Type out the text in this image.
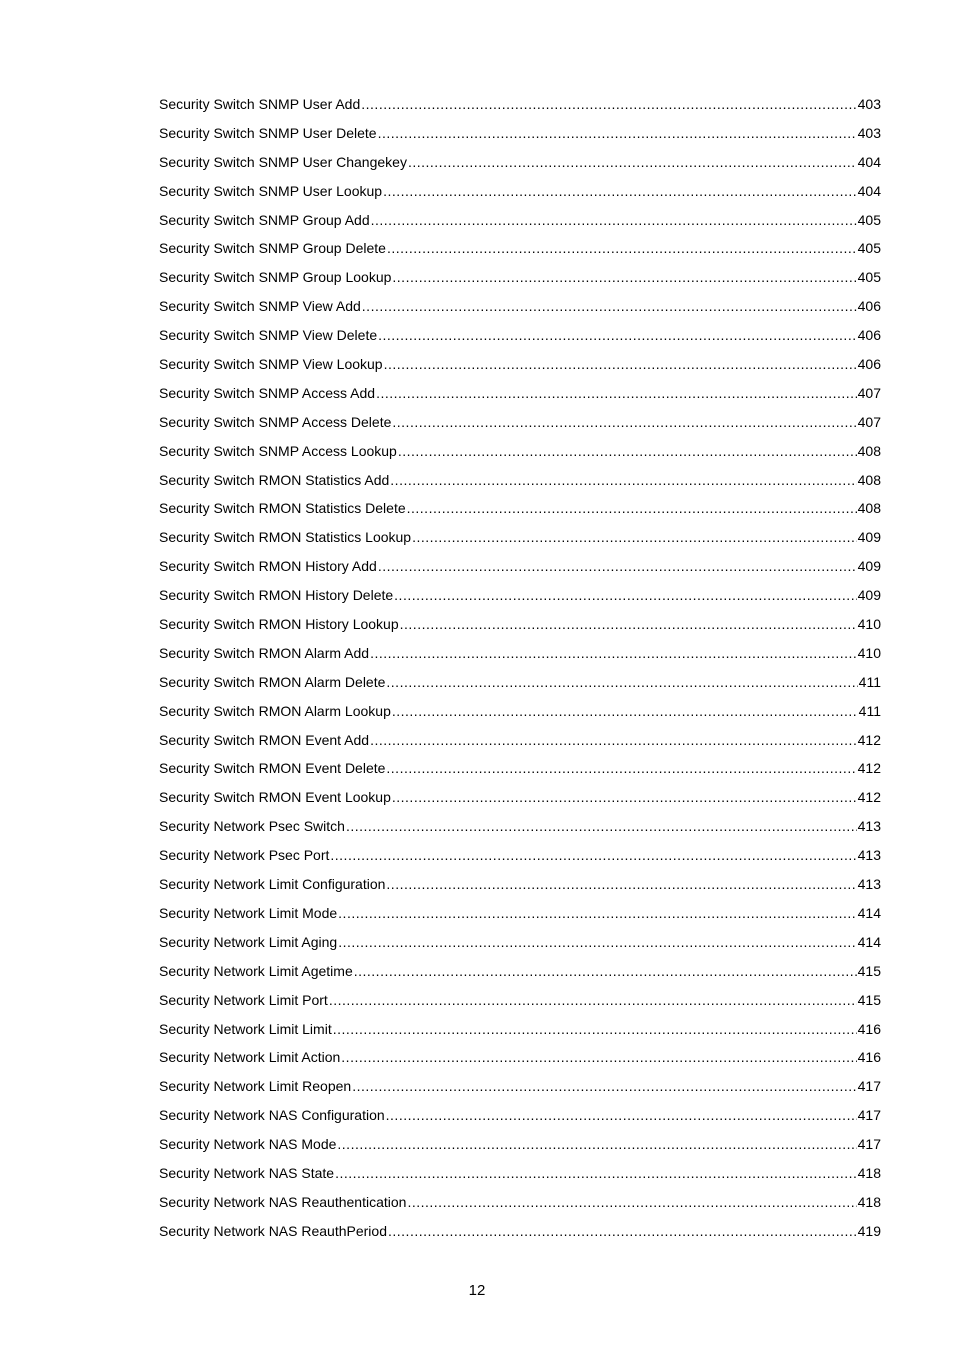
Security Switch SNMP User Add .....	403
Security Switch SNMP User Delete .....	403
Security Switch SNMP User Changekey .....	404
Security Switch SNMP User Lookup .....	404
Security Switch SNMP Group Add .....	405
Security Switch SNMP Group Delete .....	405
Security Switch SNMP Group Lookup .....	405
Security Switch SNMP View Add .....	406
Security Switch SNMP View Delete .....	406
Security Switch SNMP View Lookup .....	406
Security Switch SNMP Access Add .....	407
Security Switch SNMP Access Delete .....	407
Security Switch SNMP Access Lookup .....	408
Security Switch RMON Statistics Add .....	408
Security Switch RMON Statistics Delete .....	408
Security Switch RMON Statistics Lookup .....	409
Security Switch RMON History Add .....	409
Security Switch RMON History Delete .....	409
Security Switch RMON History Lookup .....	410
Security Switch RMON Alarm Add .....	410
Security Switch RMON Alarm Delete .....	411
Security Switch RMON Alarm Lookup .....	411
Security Switch RMON Event Add .....	412
Security Switch RMON Event Delete .....	412
Security Switch RMON Event Lookup .....	412
Security Network Psec Switch .....	413
Security Network Psec Port .....	413
Security Network Limit Configuration .....	413
Security Network Limit Mode .....	414
Security Network Limit Aging .....	414
Security Network Limit Agetime .....	415
Security Network Limit Port .....	415
Security Network Limit Limit .....	416
Security Network Limit Action .....	416
Security Network Limit Reopen .....	417
Security Network NAS Configuration .....	417
Security Network NAS Mode .....	417
Security Network NAS State .....	418
Security Network NAS Reauthentication .....	418
Security Network NAS ReauthPeriod .....	419
12
